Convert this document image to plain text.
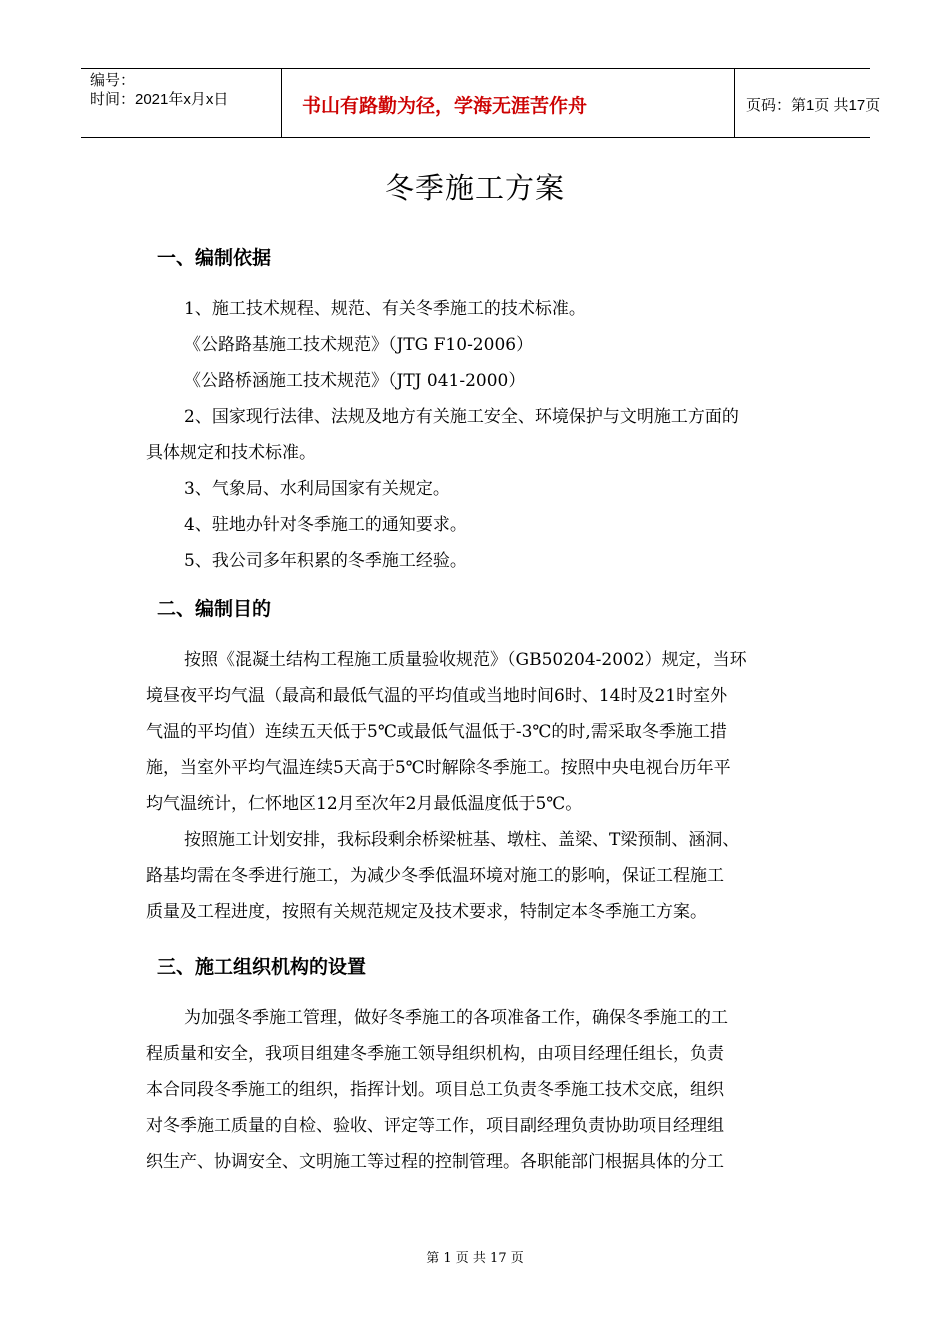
编号：
时间：2021年x月x日	书山有路勤为径，学海无涯苦作舟	页码：第1页 共17页
冬季施工方案
一、编制依据
1、施工技术规程、规范、有关冬季施工的技术标准。
《公路路基施工技术规范》（JTG F10-2006）
《公路桥涵施工技术规范》（JTJ 041-2000）
2、国家现行法律、法规及地方有关施工安全、环境保护与文明施工方面的
具体规定和技术标准。
3、气象局、水利局国家有关规定。
4、驻地办针对冬季施工的通知要求。
5、我公司多年积累的冬季施工经验。
二、编制目的
按照《混凝土结构工程施工质量验收规范》（GB50204-2002）规定，当环
境昼夜平均气温（最高和最低气温的平均值或当地时间6时、14时及21时室外
气温的平均值）连续五天低于5℃或最低气温低于-3℃的时,需采取冬季施工措
施，当室外平均气温连续5天高于5℃时解除冬季施工。按照中央电视台历年平
均气温统计，仁怀地区12月至次年2月最低温度低于5℃。
按照施工计划安排，我标段剩余桥梁桩基、墩柱、盖梁、T梁预制、涵洞、
路基均需在冬季进行施工，为减少冬季低温环境对施工的影响，保证工程施工
质量及工程进度，按照有关规范规定及技术要求，特制定本冬季施工方案。
三、施工组织机构的设置
为加强冬季施工管理，做好冬季施工的各项准备工作，确保冬季施工的工
程质量和安全，我项目组建冬季施工领导组织机构，由项目经理任组长，负责
本合同段冬季施工的组织，指挥计划。项目总工负责冬季施工技术交底，组织
对冬季施工质量的自检、验收、评定等工作，项目副经理负责协助项目经理组
织生产、协调安全、文明施工等过程的控制管理。各职能部门根据具体的分工
第 1 页 共 17 页
